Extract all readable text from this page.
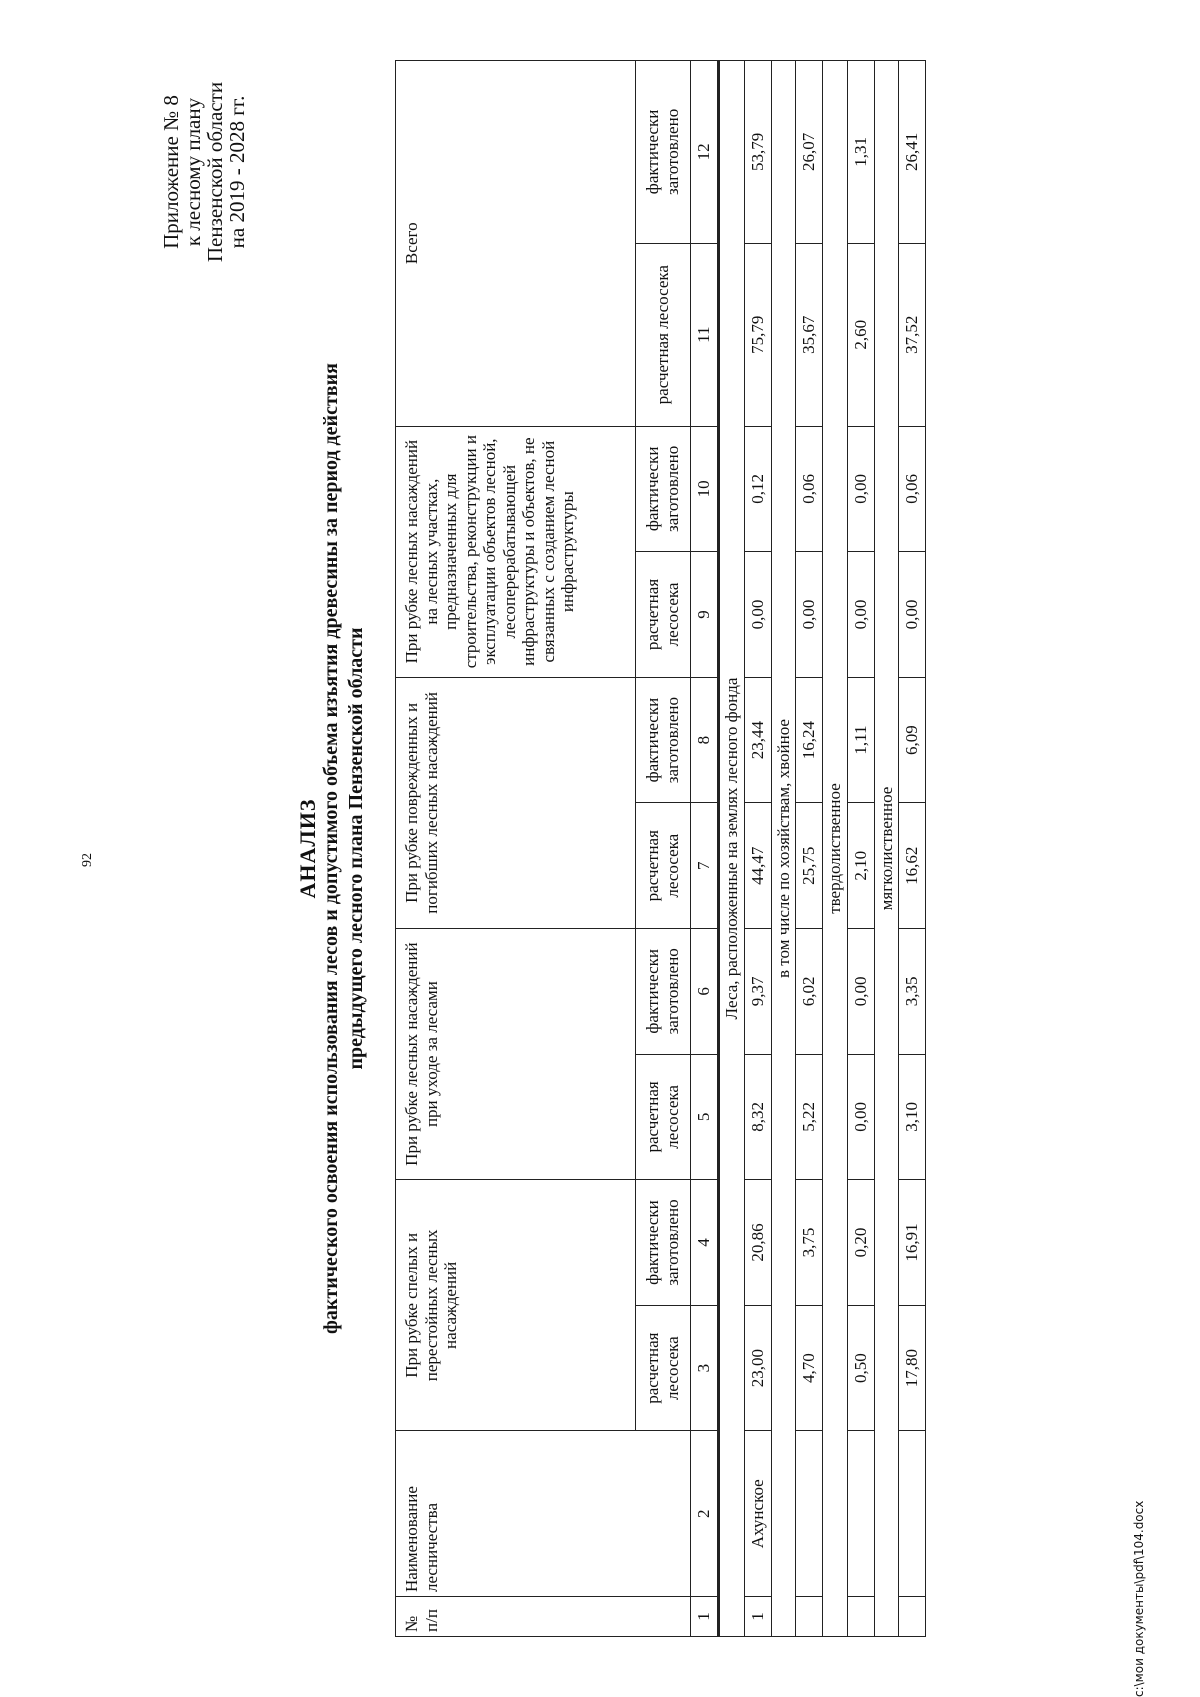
92
Приложение № 8
к лесному плану
Пензенской области
на 2019 - 2028 гг.
АНАЛИЗ фактического освоения использования лесов и допустимого объема изъятия древесины за период действия предыдущего лесного плана Пензенской области
№ п/п	Наименование лесничества	При рубке спелых и перестойных лесных насаждений		При рубке лесных насаждений при уходе за лесами		При рубке поврежденных и погибших лесных насаждений		При рубке лесных насаждений на лесных участках, предназначенных для строительства, реконструкции и эксплуатации объектов лесной, лесоперерабатывающей инфраструктуры и объектов, не связанных с созданием лесной инфраструктуры		Всего	
		расчетная лесосека	фактически заготовлено	расчетная лесосека	фактически заготовлено	расчетная лесосека	фактически заготовлено	расчетная лесосека	фактически заготовлено	расчетная лесосека	фактически заготовлено
1	2	3	4	5	6	7	8	9	10	11	12
Леса, расположенные на землях лесного фонда											
1	Ахунское	23,00	20,86	8,32	9,37	44,47	23,44	0,00	0,12	75,79	53,79
в том числе по хозяйствам, хвойное											
		4,70	3,75	5,22	6,02	25,75	16,24	0,00	0,06	35,67	26,07
твердолиственное											
		0,50	0,20	0,00	0,00	2,10	1,11	0,00	0,00	2,60	1,31
мягколиственное											
		17,80	16,91	3,10	3,35	16,62	6,09	0,00	0,06	37,52	26,41
c:\мои документы\pdf\104.docx
